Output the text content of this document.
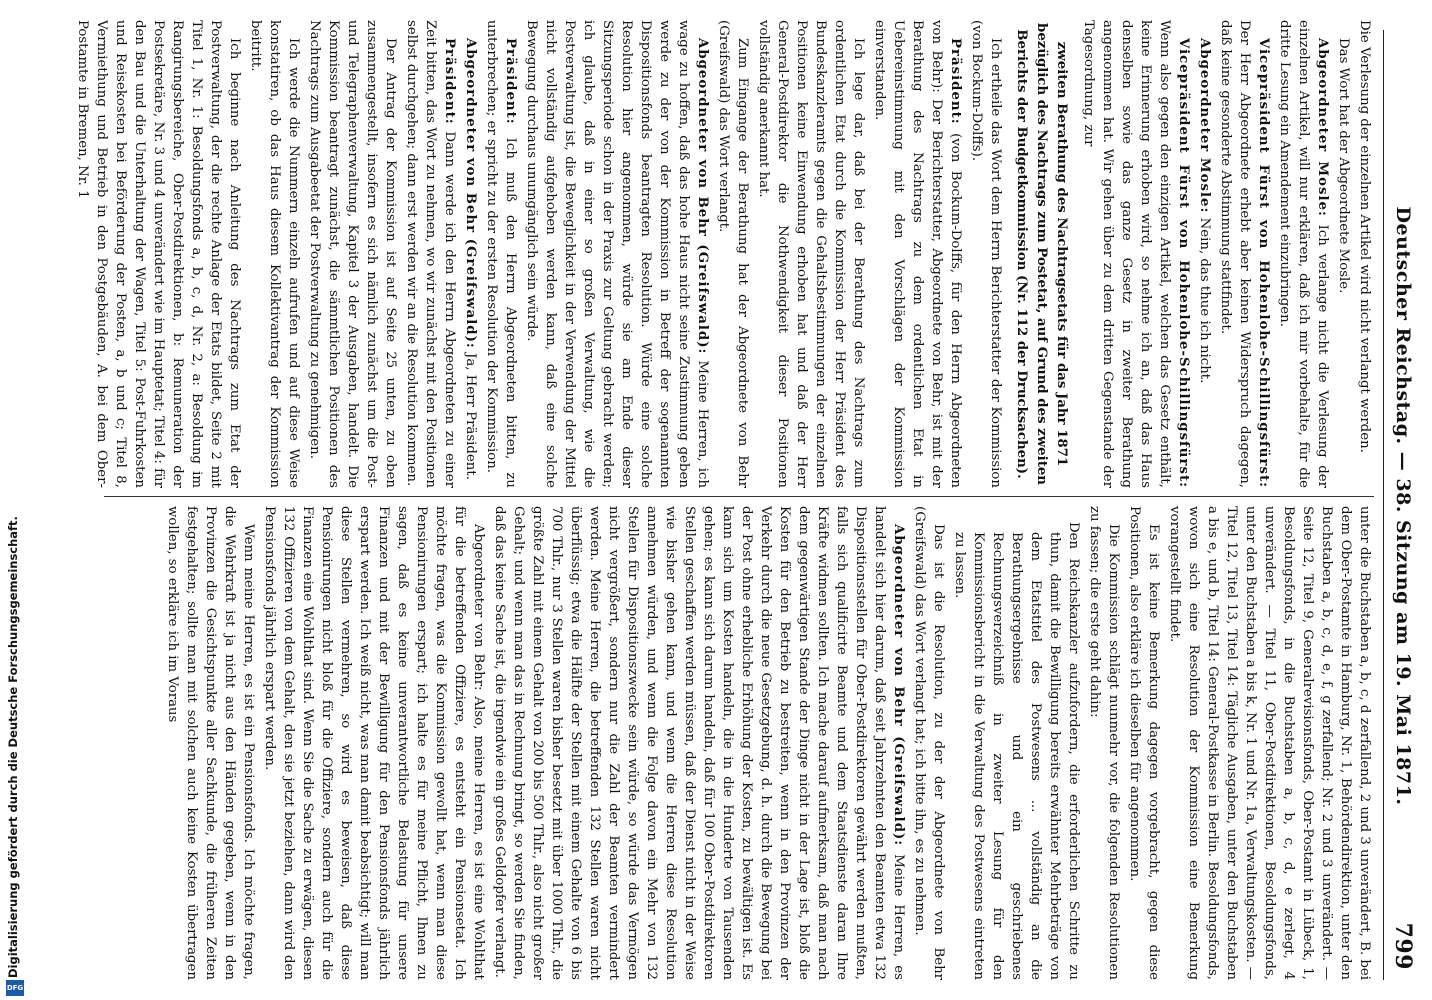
Digitalisierung gefördert durch die Deutsche Forschungsgemeinschaft.
DFG
Deutscher Reichstag. — 38. Sitzung am 19. Mai 1871.
799

Die Verlesung der einzelnen Artikel wird nicht verlangt werden.

Das Wort hat der Abgeordnete Mosle.

Abgeordneter Mosle: Ich verlange nicht die Verlesung der einzelnen Artikel, will nur erklären, daß ich mir vorbehalte, für die dritte Lesung ein Amendement einzubringen.

Vicepräsident Fürst von Hohenlohe-Schillingsfürst: Der Herr Abgeordnete erhebt aber keinen Widerspruch dagegen, daß keine gesonderte Abstimmung stattfindet.

Abgeordneter Mosle: Nein, das thue ich nicht.

Vicepräsident Fürst von Hohenlohe-Schillingsfürst: Wenn also gegen den einzigen Artikel, welchen das Gesetz enthält, keine Erinnerung erhoben wird, so nehme ich an, daß das Haus denselben sowie das ganze Gesetz in zweiter Berathung angenommen hat. Wir gehen über zu dem dritten Gegenstande der Tagesordnung, zur

zweiten Berathung des Nachtragsetats für das Jahr 1871 bezüglich des Nachtrags zum Postetat, auf Grund des zweiten Berichts der Budgetkommission (Nr. 112 der Drucksachen).

Ich ertheile das Wort dem Herrn Berichterstatter der Kommission (von Bockum-Dolffs).

Präsident: (von Bockum-Dolffs, für den Herrn Abgeordneten von Behr): Der Berichterstatter, Abgeordnete von Behr, ist mit der Berathung des Nachtrags zu dem ordentlichen Etat in Uebereinstimmung mit den Vorschlägen der Kommission einverstanden.

Ich lege dar, daß bei der Berathung des Nachtrags zum ordentlichen Etat durch die Kommission der Herr Präsident des Bundeskanzleramts gegen die Gehaltsbestimmungen der einzelnen Positionen keine Einwendung erhoben hat und daß der Herr General-Postdirektor die Nothwendigkeit dieser Positionen vollständig anerkannt hat.

Zum Eingange der Berathung hat der Abgeordnete von Behr (Greifswald) das Wort verlangt.

Abgeordneter von Behr (Greifswald): Meine Herren, ich wage zu hoffen, daß das hohe Haus nicht seine Zustimmung geben werde zu der von der Kommission in Betreff der sogenannten Dispositionsfonds beantragten Resolution. Würde eine solche Resolution hier angenommen, würde sie am Ende dieser Sitzungsperiode schon in der Praxis zur Geltung gebracht werden; ich glaube, daß in einer so großen Verwaltung, wie die Postverwaltung ist, die Beweglichkeit in der Verwendung der Mittel nicht vollständig aufgehoben werden kann, daß eine solche Bewegung durchaus unumgänglich sein würde.

Präsident: Ich muß den Herrn Abgeordneten bitten, zu unterbrechen; er spricht zu der ersten Resolution der Kommission.

Abgeordneter von Behr (Greifswald): Ja, Herr Präsident.

Präsident: Dann werde ich den Herrn Abgeordneten zu einer Zeit bitten, das Wort zu nehmen, wo wir zunächst mit den Positionen selbst durchgehen; dann erst werden wir an die Resolution kommen.

Der Antrag der Kommission ist auf Seite 25 unten, zu oben zusammengestellt, insofern es sich nämlich zunächst um die Post- und Telegraphenverwaltung, Kapitel 3 der Ausgaben, handelt. Die Kommission beantragt zunächst, die sämmtlichen Positionen des Nachtrags zum Ausgabeetat der Postverwaltung zu genehmigen.

Ich werde die Nummern einzeln aufrufen und auf diese Weise konstatiren, ob das Haus diesem Kollektivantrag der Kommission beitritt.

Ich beginne nach Anleitung des Nachtrags zum Etat der Postverwaltung, der die rechte Anlage der Etats bildet, Seite 2 mit Titel 1, Nr. 1: Besoldungsfonds a, b, c, d, Nr. 2, a: Besoldung im Rangirungsbereiche, Ober-Postdirektionen, b: Remuneration der Postsekretäre, Nr. 3 und 4 unverändert wie im Hauptetat; Titel 4: für den Bau und die Unterhaltung der Wagen, Titel 5: Post-Fuhrkosten und Reisekosten bei Beförderung der Posten, a, b und c; Titel 8, Vermiethung und Betrieb in den Postgebäuden, A. bei dem Ober-Postamte in Bremen, Nr. 1

unter die Buchstaben a, b, c, d zerfallend, 2 und 3 unverändert, B. bei dem Ober-Postamte in Hamburg, Nr. 1, Behördendirektion, unter den Buchstaben a, b, c, d, e, f, g zerfallend; Nr. 2 und 3 unverändert. — Seite 12, Titel 9, Generalrevisionsfonds, Ober-Postamt in Lübeck, 1, Besoldungsfonds, in die Buchstaben a, b, c, d, e zerlegt, 4 unverändert. — Titel 11, Ober-Postdirektionen, Besoldungsfonds, unter den Buchstaben a bis k, Nr. 1 und Nr. 1a, Verwaltungskosten. — Titel 12, Titel 13, Titel 14: Tägliche Ausgaben, unter den Buchstaben a bis e, und b, Titel 14: General-Postkasse in Berlin. Besoldungsfonds, wovon sich eine Resolution der Kommission eine Bemerkung vorangestellt findet.

Es ist keine Bemerkung dagegen vorgebracht, gegen diese Positionen, also erkläre ich dieselben für angenommen.

Die Kommission schlägt nunmehr vor, die folgenden Resolutionen zu fassen; die erste geht dahin:

Den Reichskanzler aufzufordern, die erforderlichen Schritte zu thun, damit die Bewilligung bereits erwähnter Mehrbeträge von dem Etatstitel des Postwesens ... vollständig an die Berathungsergebnisse und ein geschriebenes Rechnungsverzeichniß in zweiter Lesung für den Kommissionsbericht in die Verwaltung des Postwesens eintreten zu lassen.

Das ist die Resolution, zu der der Abgeordnete von Behr (Greifswald) das Wort verlangt hat; ich bitte ihn, es zu nehmen.

Abgeordneter von Behr (Greifswald): Meine Herren, es handelt sich hier darum, daß seit Jahrzehnten den Beamten etwa 132 Dispositionsstellen für Ober-Postdirektoren gewährt werden mußten, falls sich qualificirte Beamte und dem Staatsdienste daran Ihre Kräfte widmen sollten. Ich mache darauf aufmerksam, daß man nach dem gegenwärtigen Stande der Dinge nicht in der Lage ist, bloß die Kosten für den Betrieb zu bestreiten, wenn in den Provinzen der Verkehr durch die neue Gesetzgebung, d. h. durch die Bewegung bei der Post ohne erhebliche Erhöhung der Kosten, zu bewältigen ist. Es kann sich um Kosten handeln, die in die Hunderte von Tausenden gehen; es kann sich darum handeln, daß für 100 Ober-Postdirektoren Stellen geschaffen werden müssen, daß der Dienst nicht in der Weise wie bisher gehen kann, und wenn die Herren diese Resolution annehmen würden, und wenn die Folge davon ein Mehr von 132 Stellen für Dispositionszwecke sein würde, so würde das Vermögen nicht vergrößert, sondern nur die Zahl der Beamten vermindert werden. Meine Herren, die betreffenden 132 Stellen waren nicht überflüssig; etwa die Hälfte der Stellen mit einem Gehalte von 6 bis 700 Thlr., nur 3 Stellen waren bisher besetzt mit über 1000 Thlr., die größte Zahl mit einem Gehalt von 200 bis 500 Thlr., also nicht großer Gehalt; und wenn man das in Rechnung bringt, so werden Sie finden, daß das keine Sache ist, die irgendwie ein großes Geldopfer verlangt.

Abgeordneter von Behr: Also, meine Herren, es ist eine Wohlthat für die betreffenden Offiziere, es entsteht ein Pensionsetat. Ich möchte fragen, was die Kommission gewollt hat, wenn man diese Pensionirungen erspart; ich halte es für meine Pflicht, Ihnen zu sagen, daß es keine unverantwortliche Belastung für unsere Finanzen und mit der Bewilligung für den Pensionsfonds jährlich erspart werden. Ich weiß nicht, was man damit beabsichtigt; will man diese Stellen vermehren, so wird es beweisen, daß diese Pensionirungen nicht bloß für die Offiziere, sondern auch für die Finanzen eine Wohlthat sind. Wenn Sie die Sache zu erwägen, diesen 132 Offizieren von dem Gehalt, den sie jetzt beziehen, dann wird den Pensionsfonds jährlich erspart werden.

Wenn meine Herren, es ist ein Pensionsfonds. Ich möchte fragen, die Wehrkraft ist ja nicht aus den Händen gegeben, wenn in den Provinzen die Gesichtspunkte aller Sachkunde, die früheren Zeiten festgehalten; sollte man mit solchen auch keine Kosten übertragen wollen, so erkläre ich im Voraus
